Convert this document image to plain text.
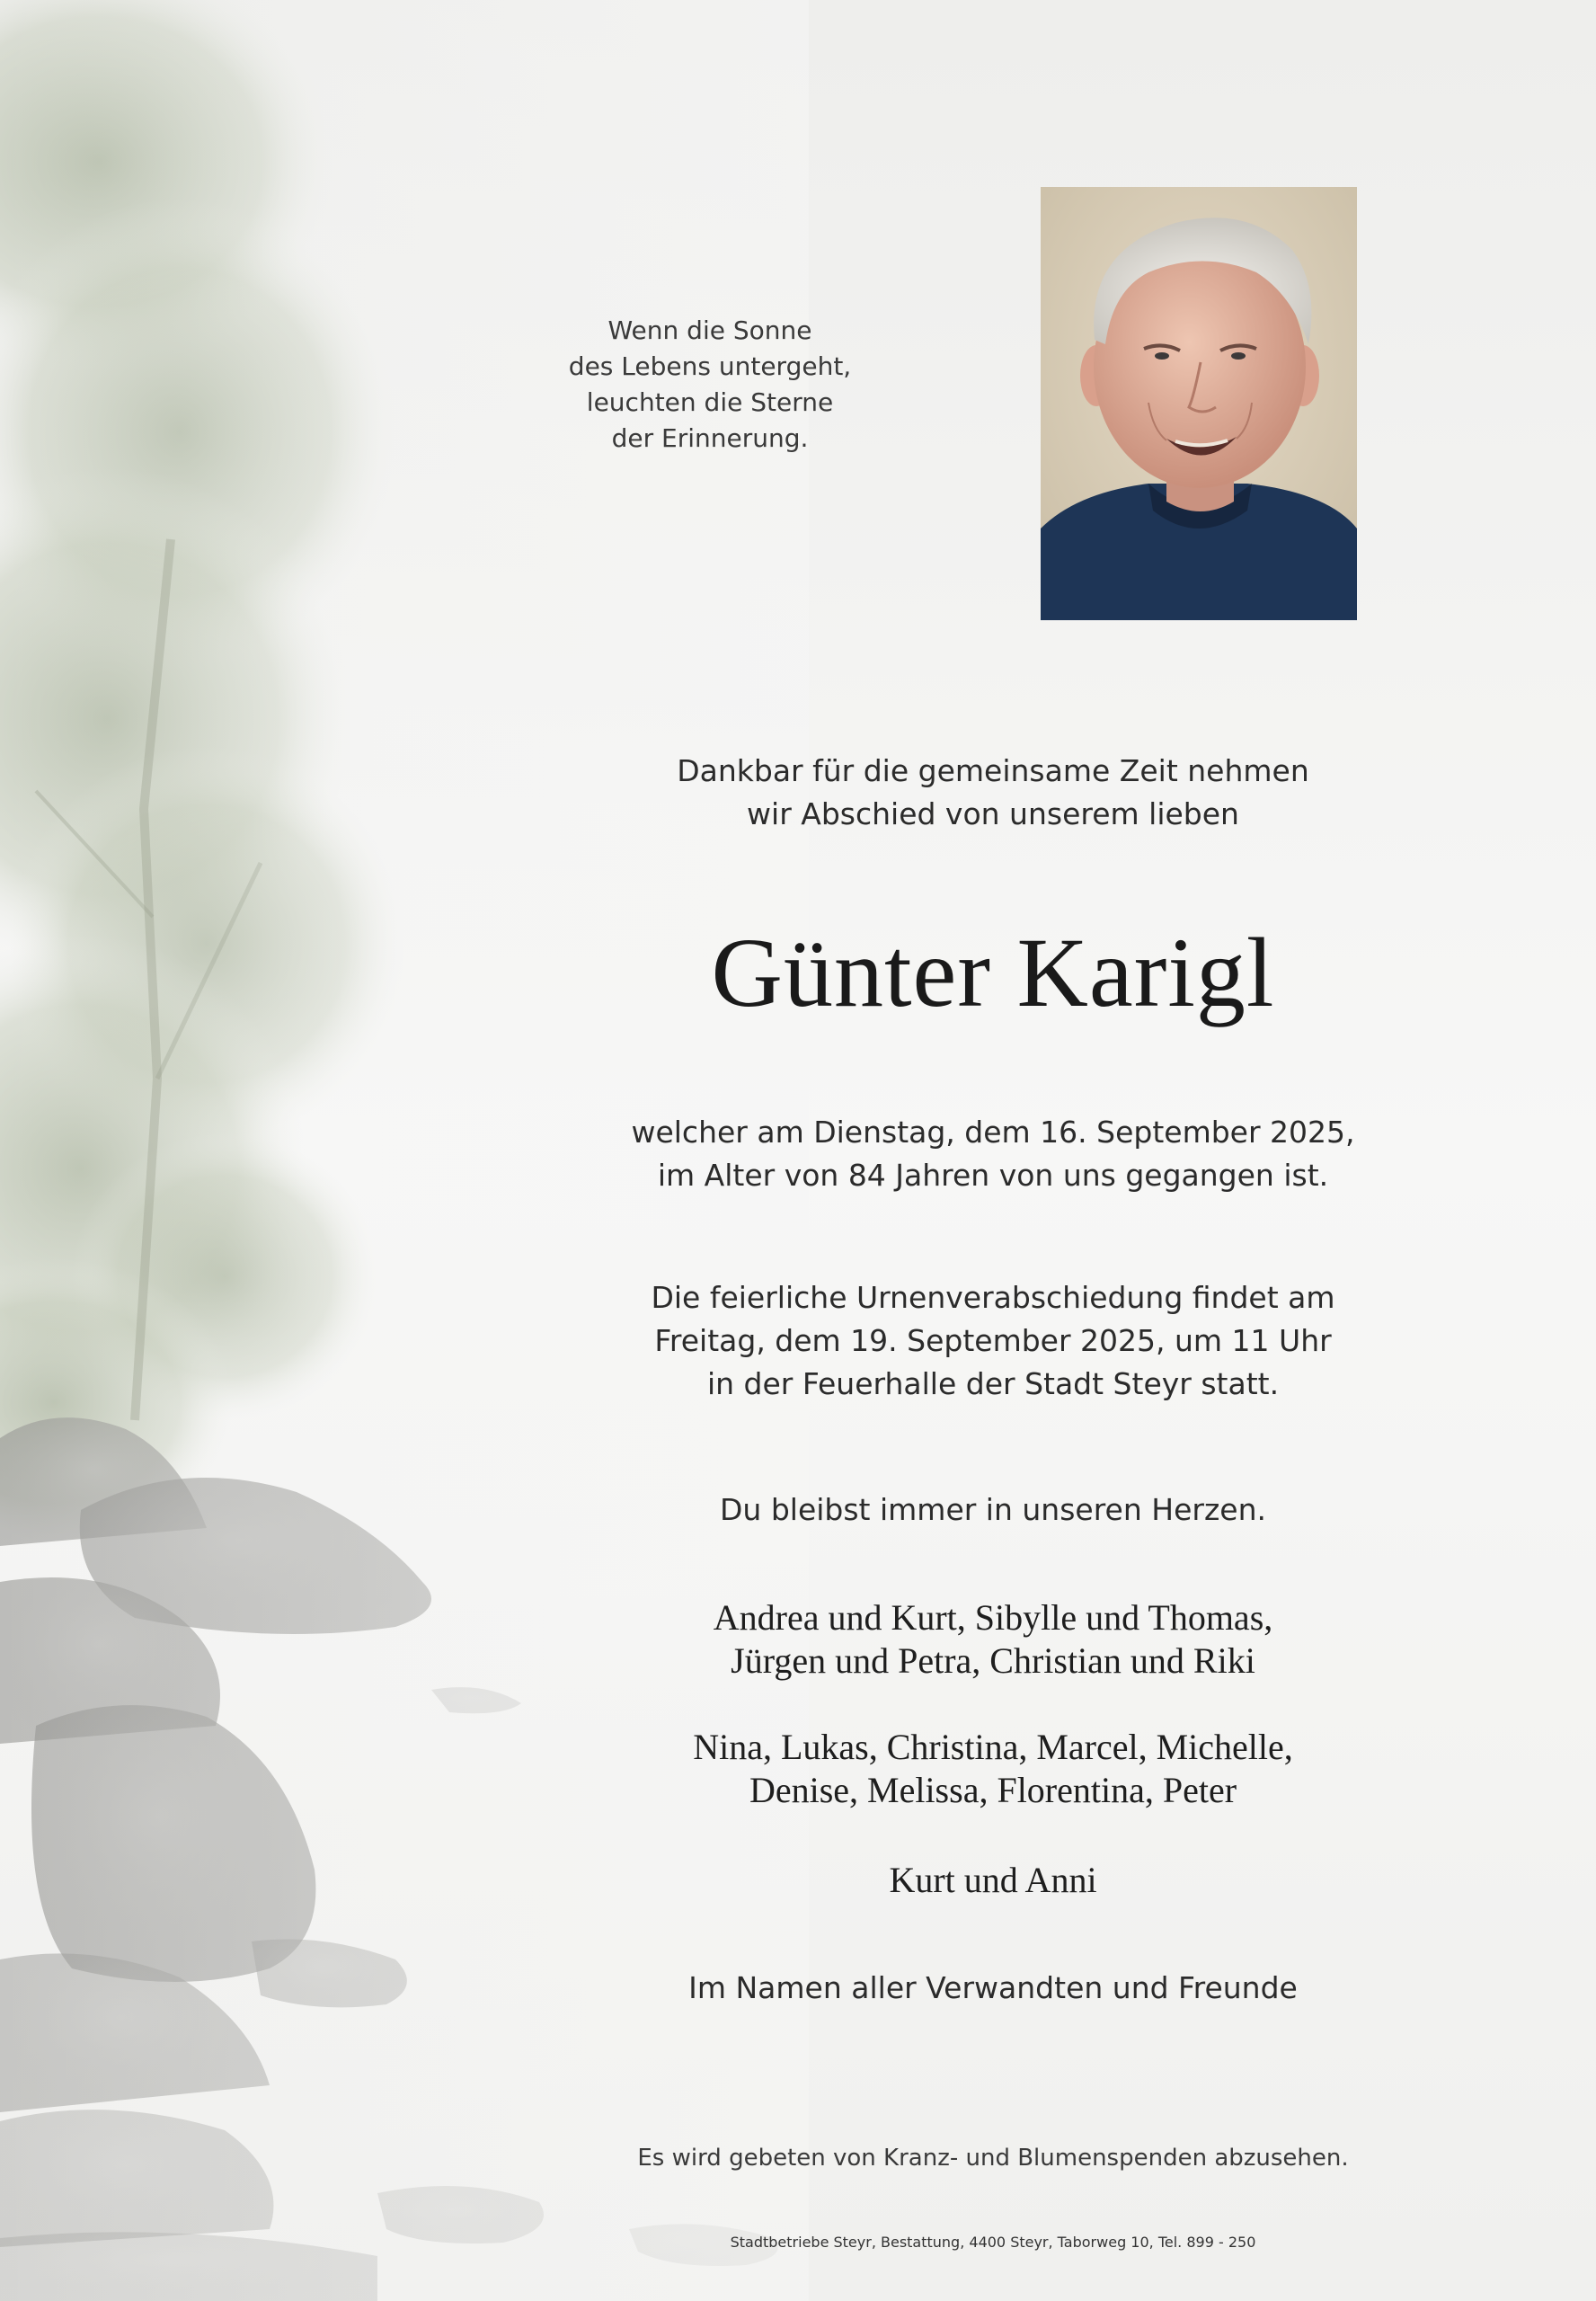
Wenn die Sonne
des Lebens untergeht,
leuchten die Sterne
der Erinnerung.
Dankbar für die gemeinsame Zeit nehmen
wir Abschied von unserem lieben
Günter Karigl
welcher am Dienstag, dem 16. September 2025,
im Alter von 84 Jahren von uns gegangen ist.
Die feierliche Urnenverabschiedung findet am
Freitag, dem 19. September 2025, um 11 Uhr
in der Feuerhalle der Stadt Steyr statt.
Du bleibst immer in unseren Herzen.
Andrea und Kurt, Sibylle und Thomas,
Jürgen und Petra, Christian und Riki
Nina, Lukas, Christina, Marcel, Michelle,
Denise, Melissa, Florentina, Peter
Kurt und Anni
Im Namen aller Verwandten und Freunde
Es wird gebeten von Kranz- und Blumenspenden abzusehen.
Stadtbetriebe Steyr, Bestattung, 4400 Steyr, Taborweg 10, Tel. 899 - 250
